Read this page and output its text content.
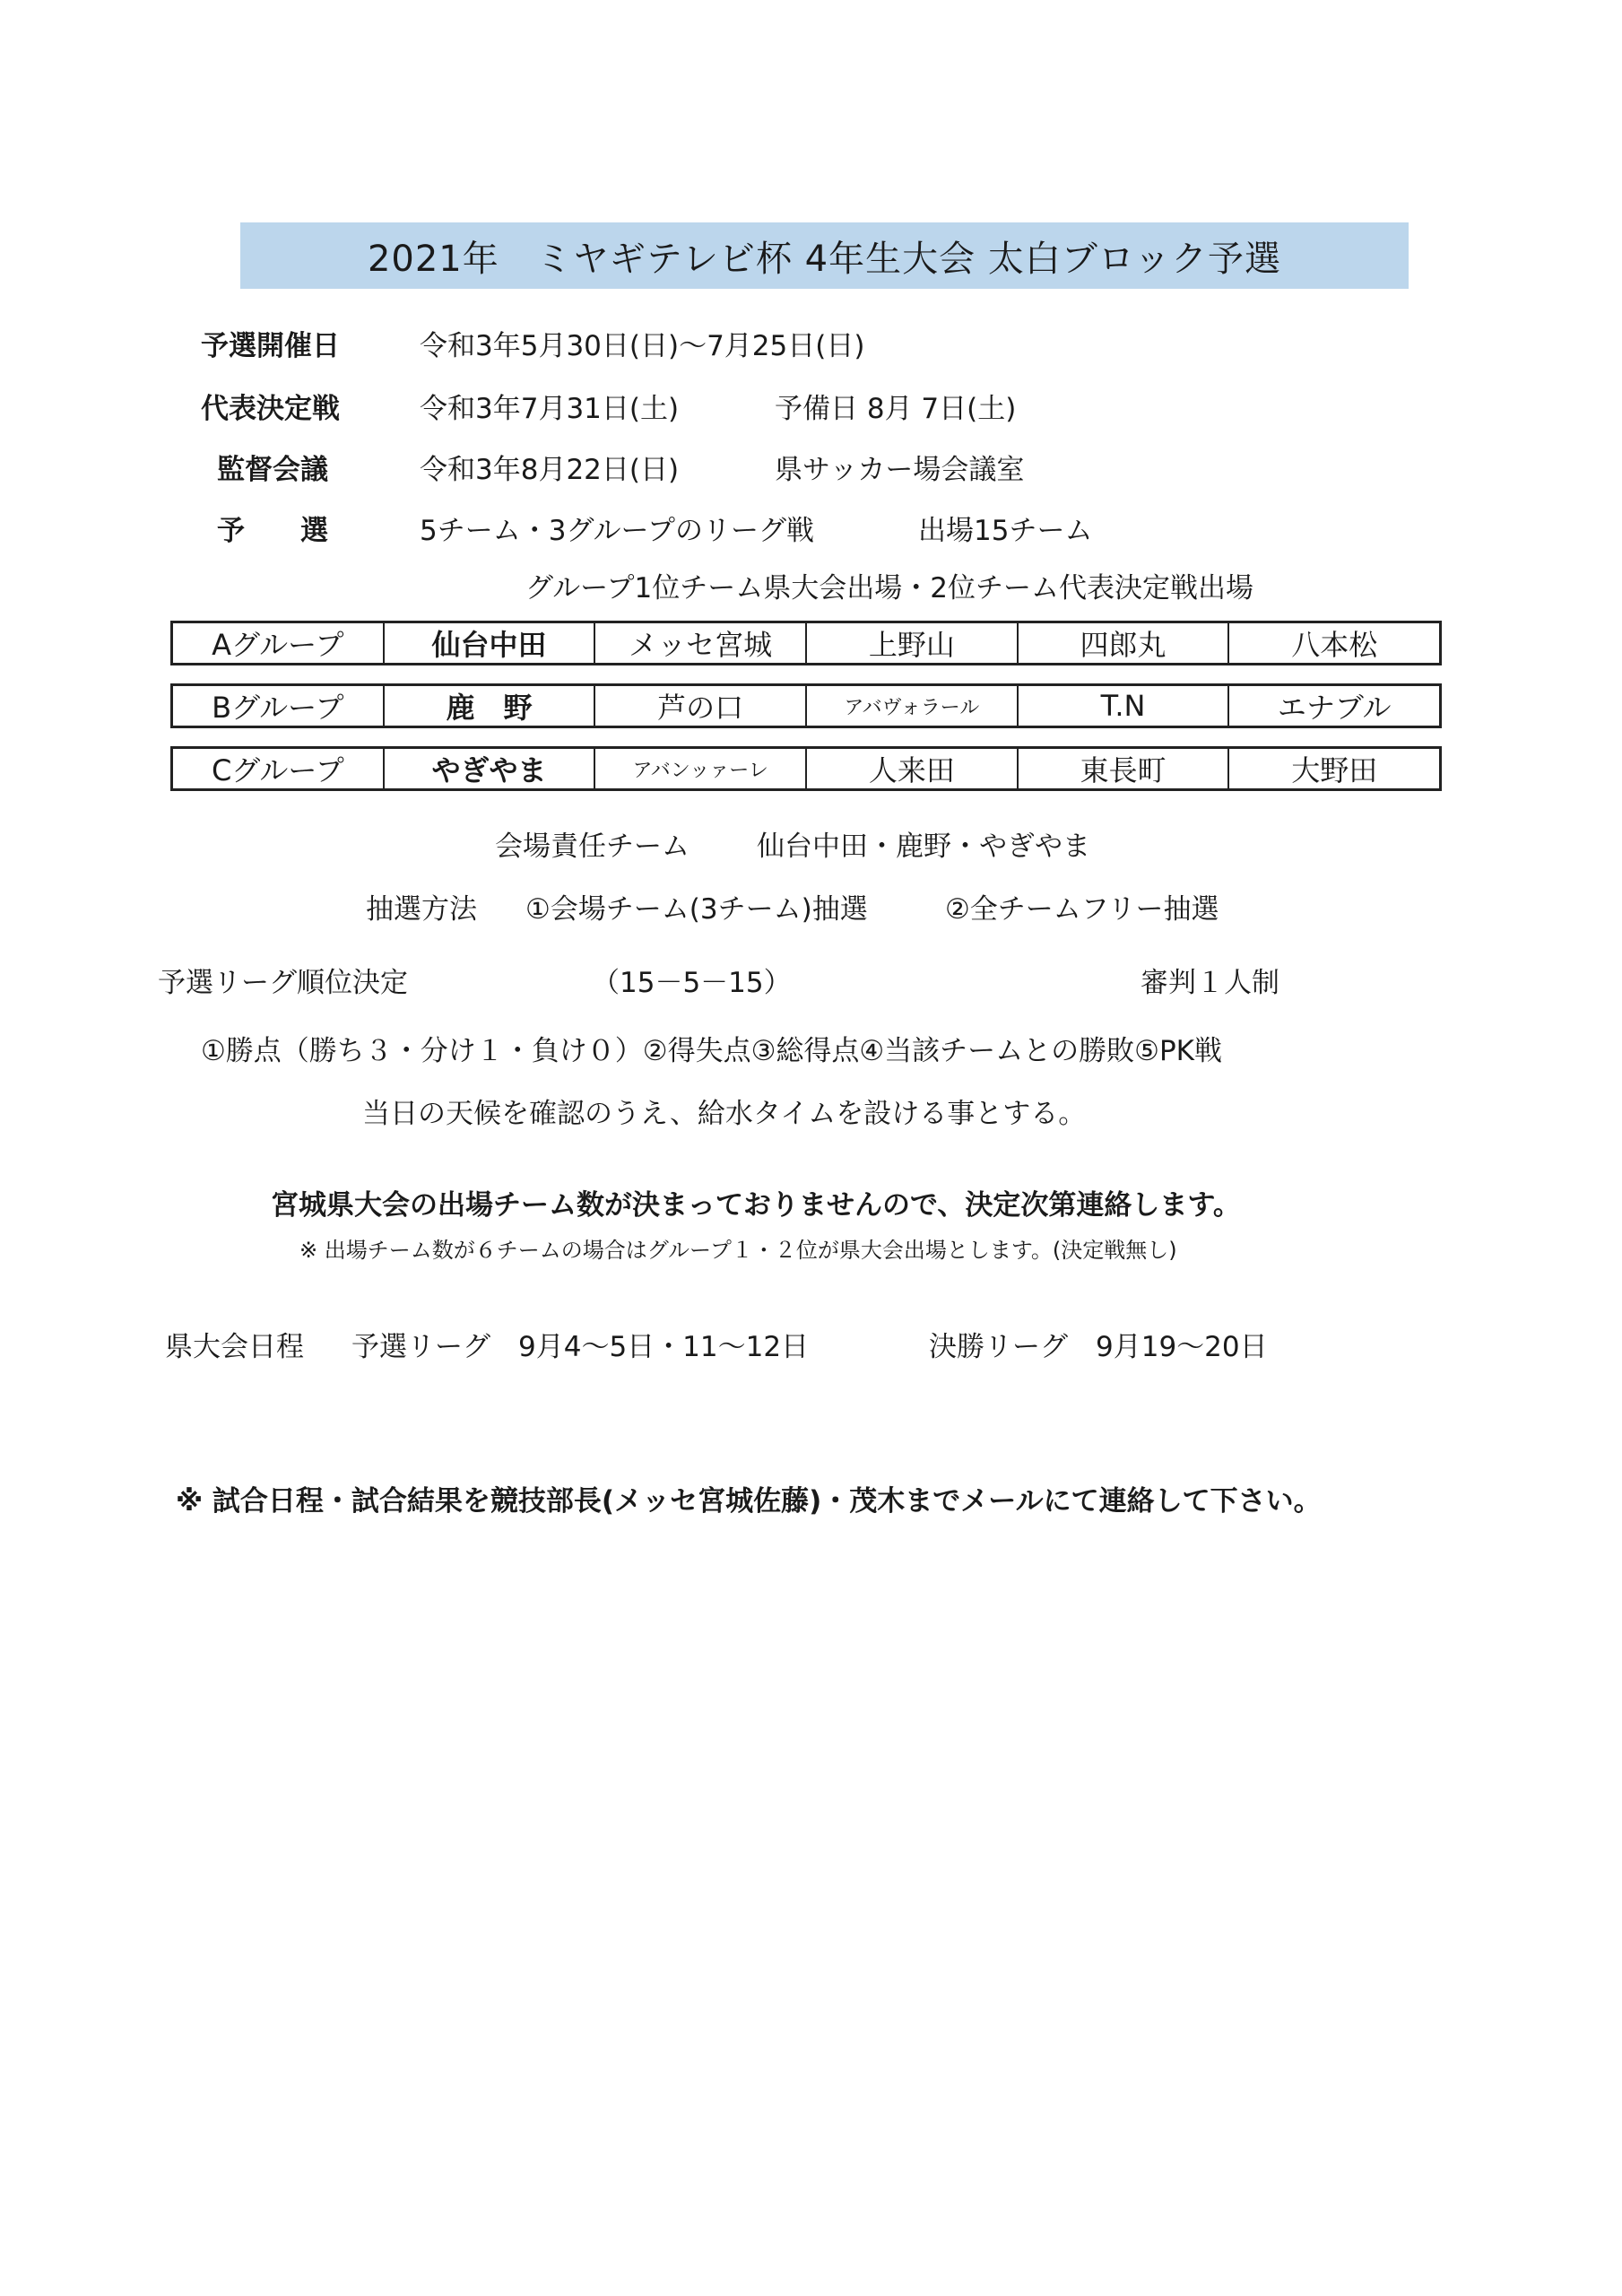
2021年　ミヤギテレビ杯 4年生大会 太白ブロック予選
予選開催日	令和3年5月30日(日)～7月25日(日)
代表決定戦	令和3年7月31日(土)	予備日 8月 7日(土)
監督会議	令和3年8月22日(日)	県サッカー場会議室
予　　選	5チーム・3グループのリーグ戦	出場15チーム
グループ1位チーム県大会出場・2位チーム代表決定戦出場
Aグループ	仙台中田	メッセ宮城	上野山	四郎丸	八本松
Bグループ	鹿　野	芦の口	アバヴォラール	T.N	エナブル
Cグループ	やぎやま	アバンッァーレ	人来田	東長町	大野田
会場責任チーム 仙台中田・鹿野・やぎやま
抽選方法 ①会場チーム(3チーム)抽選	②全チームフリー抽選
予選リーグ順位決定	（15－5－15）	審判１人制
①勝点（勝ち３・分け１・負け０）②得失点③総得点④当該チームとの勝敗⑤PK戦
当日の天候を確認のうえ、給水タイムを設ける事とする。
宮城県大会の出場チーム数が決まっておりませんので、決定次第連絡します。
※ 出場チーム数が６チームの場合はグループ１・２位が県大会出場とします。(決定戦無し)
県大会日程 予選リーグ　9月4～5日・11～12日	決勝リーグ　9月19～20日
※ 試合日程・試合結果を競技部長(メッセ宮城佐藤)・茂木までメールにて連絡して下さい。
